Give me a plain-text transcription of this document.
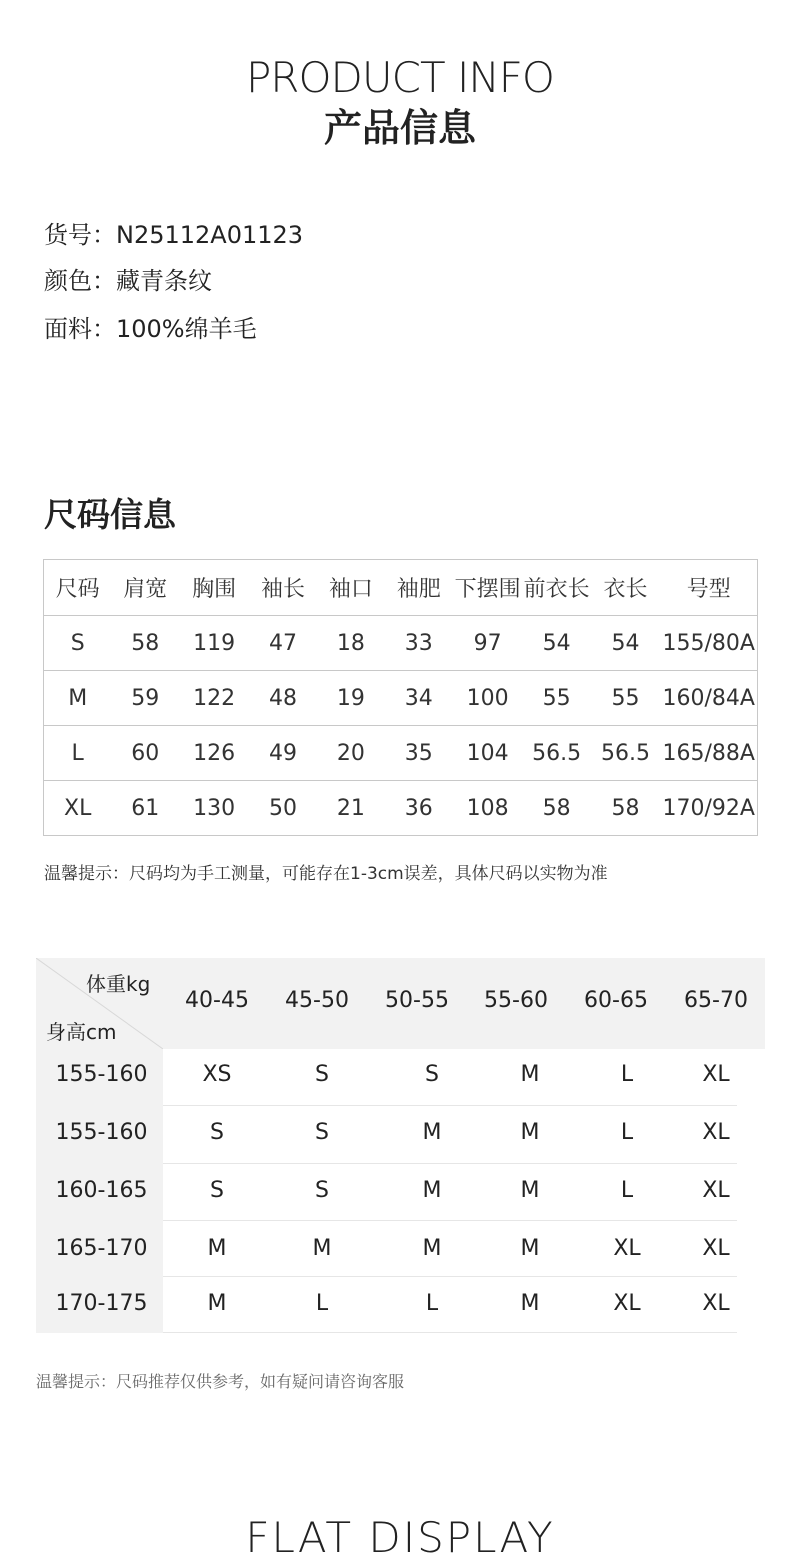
PRODUCT INFO
产品信息
货号：N25112A01123
颜色：藏青条纹
面料：100%绵羊毛
尺码信息
尺码	肩宽	胸围	袖长	袖口	袖肥	下摆围	前衣长	衣长	号型
S	58	119	47	18	33	97	54	54	155/80A
M	59	122	48	19	34	100	55	55	160/84A
L	60	126	49	20	35	104	56.5	56.5	165/88A
XL	61	130	50	21	36	108	58	58	170/92A
温馨提示：尺码均为手工测量，可能存在1-3cm误差，具体尺码以实物为准
体重kg
身高cm
40-45	45-50	50-55	55-60	60-65	65-70
155-160	XS	S	S	M	L	XL
155-160	S	S	M	M	L	XL
160-165	S	S	M	M	L	XL
165-170	M	M	M	M	XL	XL
170-175	M	L	L	M	XL	XL
温馨提示：尺码推荐仅供参考，如有疑问请咨询客服
FLAT DISPLAY
